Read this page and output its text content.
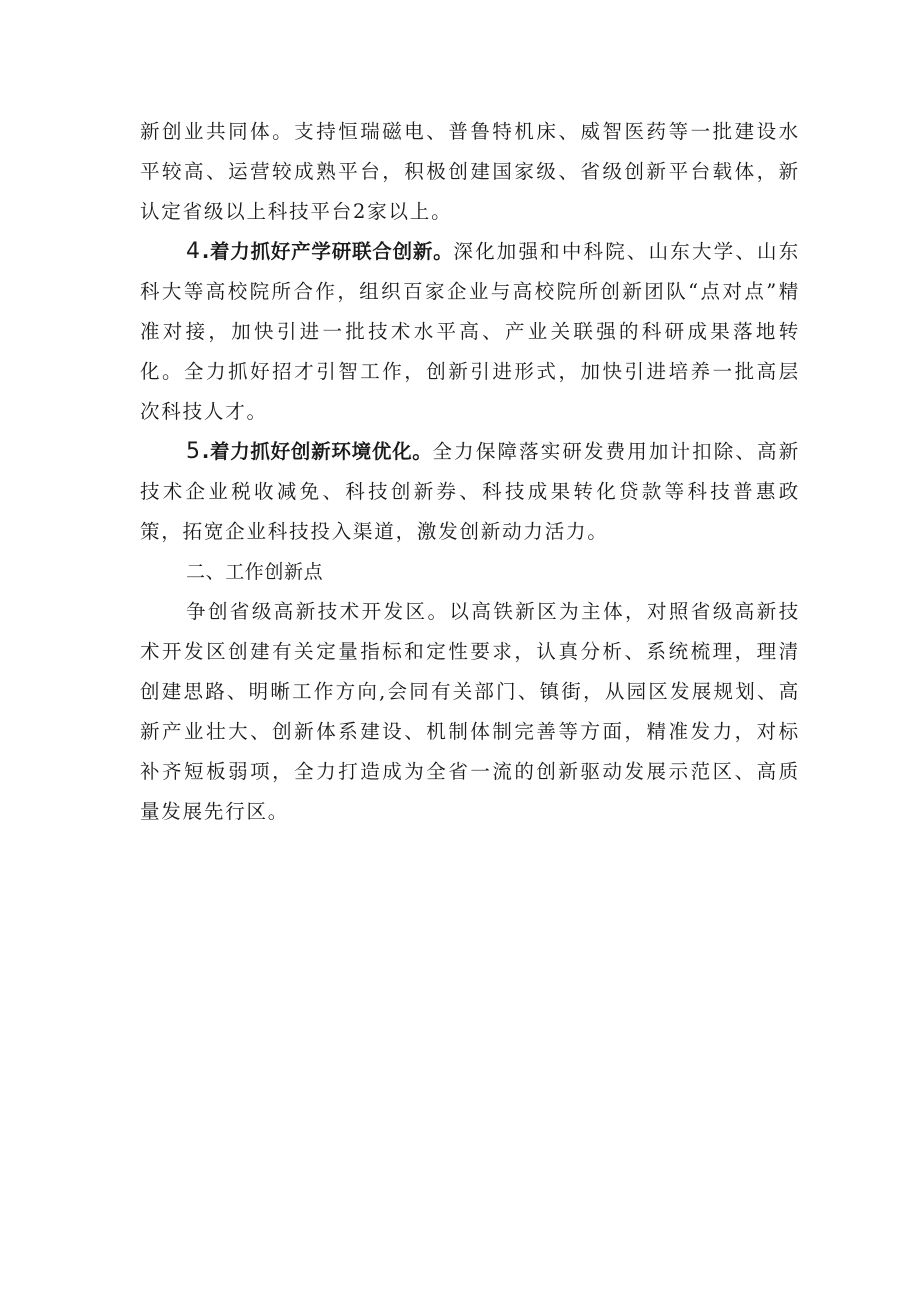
新创业共同体。支持恒瑞磁电、普鲁特机床、威智医药等一批建设水平较高、运营较成熟平台，积极创建国家级、省级创新平台载体，新认定省级以上科技平台2家以上。

4.着力抓好产学研联合创新。深化加强和中科院、山东大学、山东科大等高校院所合作，组织百家企业与高校院所创新团队“点对点”精准对接，加快引进一批技术水平高、产业关联强的科研成果落地转化。全力抓好招才引智工作，创新引进形式，加快引进培养一批高层次科技人才。

5.着力抓好创新环境优化。全力保障落实研发费用加计扣除、高新技术企业税收减免、科技创新券、科技成果转化贷款等科技普惠政策，拓宽企业科技投入渠道，激发创新动力活力。

二、工作创新点

争创省级高新技术开发区。以高铁新区为主体，对照省级高新技术开发区创建有关定量指标和定性要求，认真分析、系统梳理，理清创建思路、明晰工作方向,会同有关部门、镇街，从园区发展规划、高新产业壮大、创新体系建设、机制体制完善等方面，精准发力，对标补齐短板弱项，全力打造成为全省一流的创新驱动发展示范区、高质量发展先行区。
